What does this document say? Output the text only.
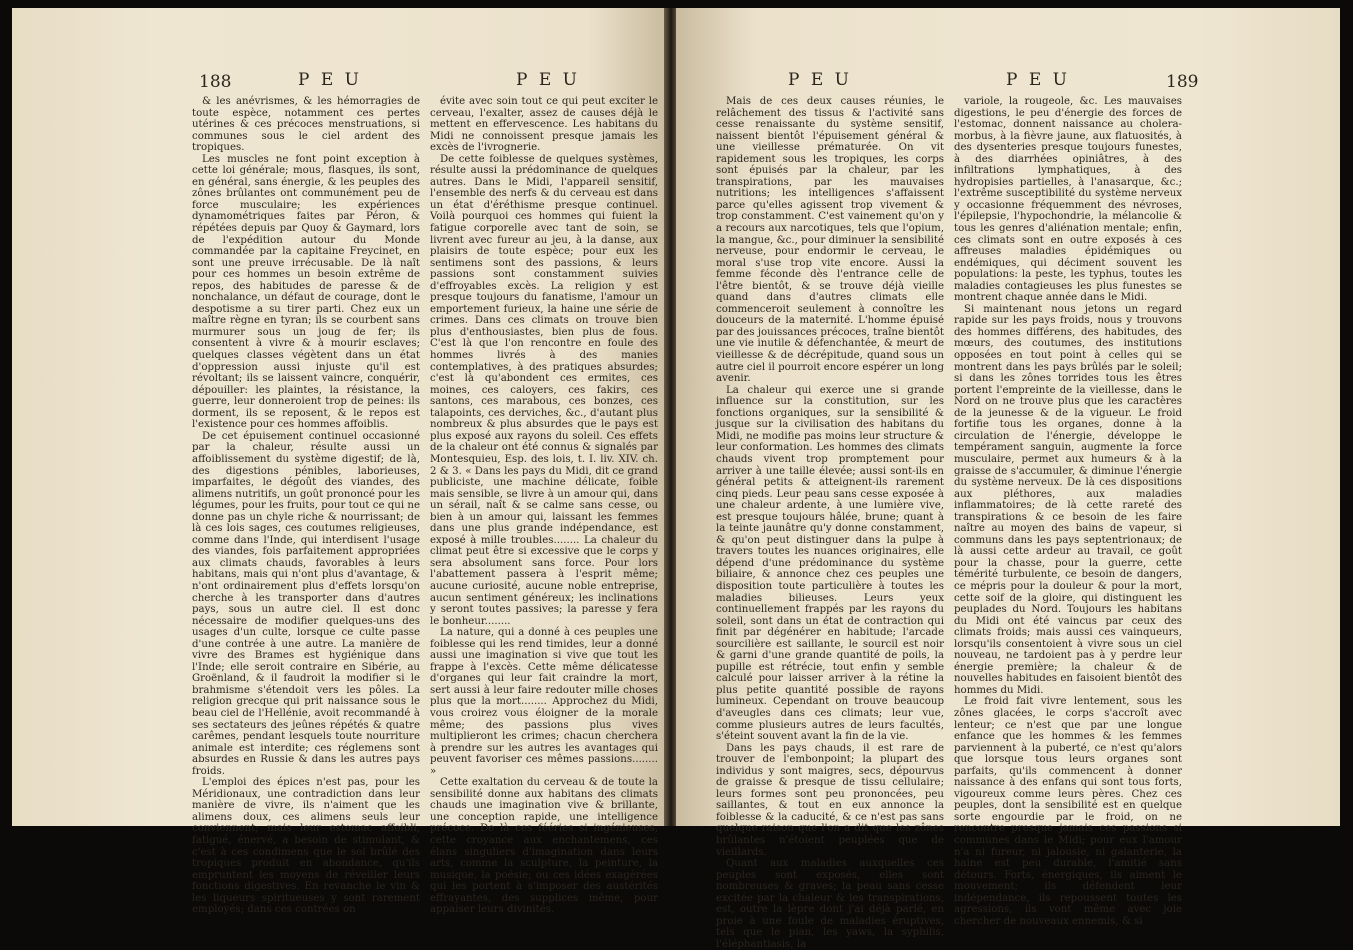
188	P E U	P E U

& les anévrismes, & les hémorragies de toute espèce, notamment ces pertes utérines & ces précoces menstruations, si communes sous le ciel ardent des tropiques.

Les muscles ne font point exception à cette loi générale; mous, flasques, ils sont, en général, sans énergie, & les peuples des zônes brûlantes ont communément peu de force musculaire; les expériences dynamométriques faites par Péron, & répétées depuis par Quoy & Gaymard, lors de l'expédition autour du Monde commandée par la capitaine Freycinet, en sont une preuve irrécusable. De là naît pour ces hommes un besoin extrême de repos, des habitudes de paresse & de nonchalance, un défaut de courage, dont le despotisme a su tirer parti. Chez eux un maître règne en tyran; ils se courbent sans murmurer sous un joug de fer; ils consentent à vivre & à mourir esclaves; quelques classes végètent dans un état d'oppression aussi injuste qu'il est révoltant; ils se laissent vaincre, conquérir, dépouiller: les plaintes, la résistance, la guerre, leur donneroient trop de peines: ils dorment, ils se reposent, & le repos est l'existence pour ces hommes affoiblis.

De cet épuisement continuel occasionné par la chaleur, résulte aussi un affoiblissement du système digestif; de là, des digestions pénibles, laborieuses, imparfaites, le dégoût des viandes, des alimens nutritifs, un goût prononcé pour les légumes, pour les fruits, pour tout ce qui ne donne pas un chyle riche & nourrissant; de là ces lois sages, ces coutumes religieuses, comme dans l'Inde, qui interdisent l'usage des viandes, fois parfaitement appropriées aux climats chauds, favorables à leurs habitans, mais qui n'ont plus d'avantage, & n'ont ordinairement plus d'effets lorsqu'on cherche à les transporter dans d'autres pays, sous un autre ciel. Il est donc nécessaire de modifier quelques-uns des usages d'un culte, lorsque ce culte passe d'une contrée à une autre. La manière de vivre des Brames est hygiénique dans l'Inde; elle seroit contraire en Sibérie, au Groënland, & il faudroit la modifier si le brahmisme s'étendoit vers les pôles. La religion grecque qui prit naissance sous le beau ciel de l'Hellénie, avoit recommandé à ses sectateurs des jeûnes répétés & quatre carêmes, pendant lesquels toute nourriture animale est interdite; ces réglemens sont absurdes en Russie & dans les autres pays froids.

L'emploi des épices n'est pas, pour les Méridionaux, une contradiction dans leur manière de vivre, ils n'aiment que les alimens doux, ces alimens seuls leur conviennent; mais leur estomac affoibli, fatigué, énervé, a besoin de stimulant, & c'est à ces condimens que le sol brûlé des tropiques produit en abondance, qu'ils empruntent les moyens de réveiller leurs fonctions digestives. En revanche le vin & les liqueurs spiritueuses y sont rarement employés; dans ces contrées on

évite avec soin tout ce qui peut exciter le cerveau, l'exalter, assez de causes déjà le mettent en effervescence. Les habitans du Midi ne connoissent presque jamais les excès de l'ivrognerie.

De cette foiblesse de quelques systèmes, résulte aussi la prédominance de quelques autres. Dans le Midi, l'appareil sensitif, l'ensemble des nerfs & du cerveau est dans un état d'éréthisme presque continuel. Voilà pourquoi ces hommes qui fuient la fatigue corporelle avec tant de soin, se livrent avec fureur au jeu, à la danse, aux plaisirs de toute espèce; pour eux les sentimens sont des passions, & leurs passions sont constamment suivies d'effroyables excès. La religion y est presque toujours du fanatisme, l'amour un emportement furieux, la haine une série de crimes. Dans ces climats on trouve bien plus d'enthousiastes, bien plus de fous. C'est là que l'on rencontre en foule des hommes livrés à des manies contemplatives, à des pratiques absurdes; c'est là qu'abondent ces ermites, ces moines, ces caloyers, ces fakirs, ces santons, ces marabous, ces bonzes, ces talapoints, ces derviches, &c., d'autant plus nombreux & plus absurdes que le pays est plus exposé aux rayons du soleil. Ces effets de la chaleur ont été connus & signalés par Montesquieu, Esp. des lois, t. I. liv. XIV. ch. 2 & 3. « Dans les pays du Midi, dit ce grand publiciste, une machine délicate, foible mais sensible, se livre à un amour qui, dans un sérail, naît & se calme sans cesse, ou bien à un amour qui, laissant les femmes dans une plus grande indépendance, est exposé à mille troubles........ La chaleur du climat peut être si excessive que le corps y sera absolument sans force. Pour lors l'abattement passera à l'esprit même; aucune curiosité, aucune noble entreprise, aucun sentiment généreux; les inclinations y seront toutes passives; la paresse y fera le bonheur........

La nature, qui a donné à ces peuples une foiblesse qui les rend timides, leur a donné aussi une imagination si vive que tout les frappe à l'excès. Cette même délicatesse d'organes qui leur fait craindre la mort, sert aussi à leur faire redouter mille choses plus que la mort........ Approchez du Midi, vous croirez vous éloigner de la morale même; des passions plus vives multiplieront les crimes; chacun cherchera à prendre sur les autres les avantages qui peuvent favoriser ces mêmes passions........ »

Cette exaltation du cerveau & de toute la sensibilité donne aux habitans des climats chauds une imagination vive & brillante, une conception rapide, une intelligence précoce. De là ces fééries si ingénieuses, cette croyance aux enchantemens, ces élans singuliers d'imagination dans leurs arts, comme la sculpture, la peinture, la musique, la poésie; ou ces idées exagérées qui les portent à s'imposer des austérités effrayantes, des supplices même, pour appaiser leurs divinités.

P E U	P E U	189

Mais de ces deux causes réunies, le relâchement des tissus & l'activité sans cesse renaissante du système sensitif, naissent bientôt l'épuisement général & une vieillesse prématurée. On vit rapidement sous les tropiques, les corps sont épuisés par la chaleur, par les transpirations, par les mauvaises nutritions; les intelligences s'affaissent parce qu'elles agissent trop vivement & trop constamment. C'est vainement qu'on y a recours aux narcotiques, tels que l'opium, la mangue, &c., pour diminuer la sensibilité nerveuse, pour endormir le cerveau, le moral s'use trop vite encore. Aussi la femme féconde dès l'entrance celle de l'être bientôt, & se trouve déjà vieille quand dans d'autres climats elle commenceroit seulement à connoître les douceurs de la maternité. L'homme épuisé par des jouissances précoces, traîne bientôt une vie inutile & défenchantée, & meurt de vieillesse & de décrépitude, quand sous un autre ciel il pourroit encore espérer un long avenir.

La chaleur qui exerce une si grande influence sur la constitution, sur les fonctions organiques, sur la sensibilité & jusque sur la civilisation des habitans du Midi, ne modifie pas moins leur structure & leur conformation. Les hommes des climats chauds vivent trop promptement pour arriver à une taille élevée; aussi sont-ils en général petits & atteignent-ils rarement cinq pieds. Leur peau sans cesse exposée à une chaleur ardente, à une lumière vive, est presque toujours hâlée, brune; quant à la teinte jaunâtre qu'y donne constamment, & qu'on peut distinguer dans la pulpe à travers toutes les nuances originaires, elle dépend d'une prédominance du système biliaire, & annonce chez ces peuples une disposition toute particulière à toutes les maladies bilieuses. Leurs yeux continuellement frappés par les rayons du soleil, sont dans un état de contraction qui finit par dégénérer en habitude; l'arcade sourcilière est saillante, le sourcil est noir & garni d'une grande quantité de poils, la pupille est rétrécie, tout enfin y semble calculé pour laisser arriver à la rétine la plus petite quantité possible de rayons lumineux. Cependant on trouve beaucoup d'aveugles dans ces climats; leur vue, comme plusieurs autres de leurs facultés, s'éteint souvent avant la fin de la vie.

Dans les pays chauds, il est rare de trouver de l'embonpoint; la plupart des individus y sont maigres, secs, dépourvus de graisse & presque de tissu cellulaire; leurs formes sont peu prononcées, peu saillantes, & tout en eux annonce la foiblesse & la caducité, & ce n'est pas sans quelque raison que l'on a dit que les zônes brûlantes n'étoient peuplées que de vieillards.

Quant aux maladies auxquelles ces peuples sont exposés, elles sont nombreuses & graves; la peau sans cesse excitée par la chaleur & les transpirations, est, outre la lèpre dont j'ai déjà parlé, en proie à une foule de maladies éruptives, tels que le pian, les yaws, la syphilis, l'éléphantiasis, la

variole, la rougeole, &c. Les mauvaises digestions, le peu d'énergie des forces de l'estomac, donnent naissance au cholera-morbus, à la fièvre jaune, aux flatuosités, à des dysenteries presque toujours funestes, à des diarrhées opiniâtres, à des infiltrations lymphatiques, à des hydropisies partielles, à l'anasarque, &c.; l'extrême susceptibilité du système nerveux y occasionne fréquemment des névroses, l'épilepsie, l'hypochondrie, la mélancolie & tous les genres d'aliénation mentale; enfin, ces climats sont en outre exposés à ces affreuses maladies épidémiques ou endémiques, qui déciment souvent les populations: la peste, les typhus, toutes les maladies contagieuses les plus funestes se montrent chaque année dans le Midi.

Si maintenant nous jetons un regard rapide sur les pays froids, nous y trouvons des hommes différens, des habitudes, des mœurs, des coutumes, des institutions opposées en tout point à celles qui se montrent dans les pays brûlés par le soleil; si dans les zônes torrides tous les êtres portent l'empreinte de la vieillesse, dans le Nord on ne trouve plus que les caractères de la jeunesse & de la vigueur. Le froid fortifie tous les organes, donne à la circulation de l'énergie, développe le tempérament sanguin, augmente la force musculaire, permet aux humeurs & à la graisse de s'accumuler, & diminue l'énergie du système nerveux. De là ces dispositions aux pléthores, aux maladies inflammatoires; de là cette rareté des transpirations & ce besoin de les faire naître au moyen des bains de vapeur, si communs dans les pays septentrionaux; de là aussi cette ardeur au travail, ce goût pour la chasse, pour la guerre, cette témérité turbulente, ce besoin de dangers, ce mépris pour la douleur & pour la mort, cette soif de la gloire, qui distinguent les peuplades du Nord. Toujours les habitans du Midi ont été vaincus par ceux des climats froids; mais aussi ces vainqueurs, lorsqu'ils consentoient à vivre sous un ciel nouveau, ne tardoient pas à y perdre leur énergie première; la chaleur & de nouvelles habitudes en faisoient bientôt des hommes du Midi.

Le froid fait vivre lentement, sous les zônes glacées, le corps s'accroît avec lenteur; ce n'est que par une longue enfance que les hommes & les femmes parviennent à la puberté, ce n'est qu'alors que lorsque tous leurs organes sont parfaits, qu'ils commencent à donner naissance à des enfans qui sont tous forts, vigoureux comme leurs pères. Chez ces peuples, dont la sensibilité est en quelque sorte engourdie par le froid, on ne rencontre presque jamais ces passions si communes dans le Midi; pour eux l'amour n'a ni fureur, ni jalousie, ni galanterie, la haine est peu durable, l'amitié sans détours. Forts, énergiques, ils aiment le mouvement; ils défendent leur indépendance, ils repoussent toutes les agressions, ils vont même avec joie chercher de nouveaux ennemis, & si
